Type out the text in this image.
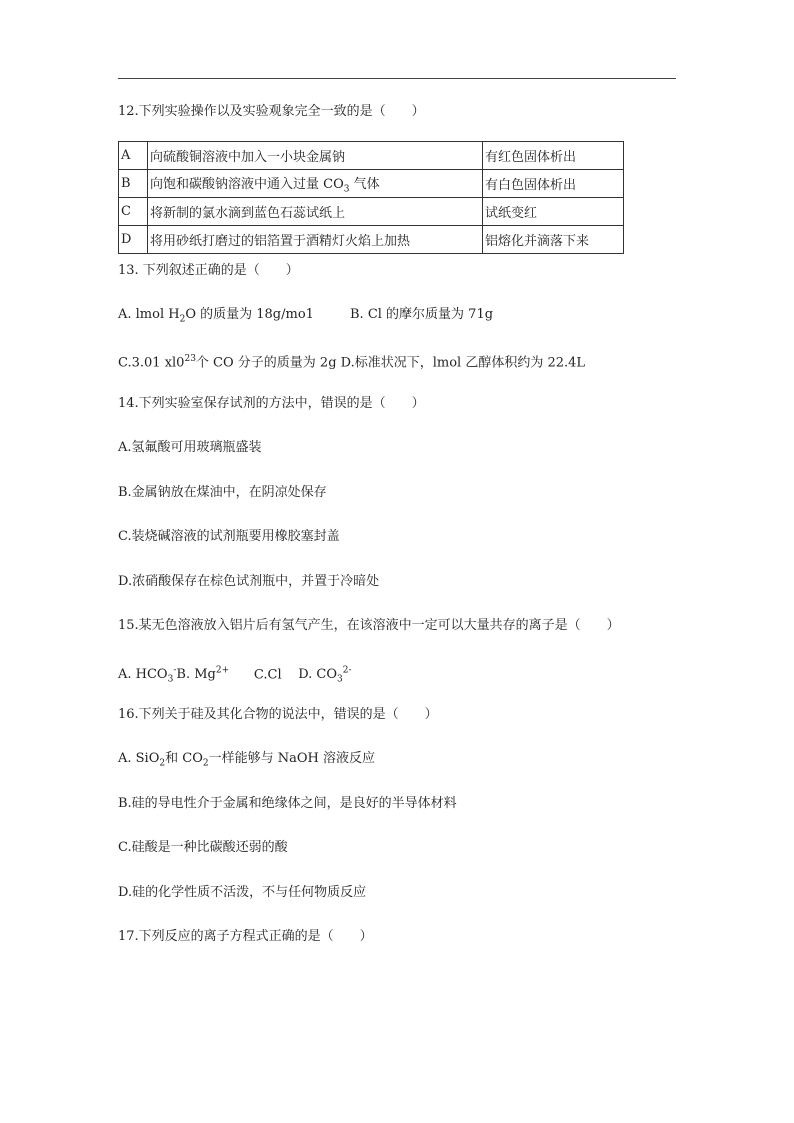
12.下列实验操作以及实验观象完全一致的是（　　）
A	向硫酸铜溶液中加入一小块金属钠	有红色固体析出
B	向饱和碳酸钠溶液中通入过量 $CO_3$ 气体	有白色固体析出
C	将新制的氯水滴到蓝色石蕊试纸上	试纸变红
D	将用砂纸打磨过的铝箔置于酒精灯火焰上加热	铝熔化并滴落下来
13. 下列叙述正确的是（　　）
A. lmol $H_2O$ 的质量为 18g/mo1	B. Cl 的摩尔质量为 71g
C.3.01 $xl0^{23}$个 CO 分子的质量为 2g D.标准状况下，lmol 乙醇体积约为 22.4L
14.下列实验室保存试剂的方法中，错误的是（　　）
A.氢氟酸可用玻璃瓶盛装
B.金属钠放在煤油中，在阴凉处保存
C.装烧碱溶液的试剂瓶要用橡胶塞封盖
D.浓硝酸保存在棕色试剂瓶中，并置于冷暗处
15.某无色溶液放入铝片后有氢气产生，在该溶液中一定可以大量共存的离子是（　　）
A. $HCO_3^-B$. $Mg^{2+}$ C.Cl D. $CO_3^{2-}$
16.下列关于硅及其化合物的说法中，错误的是（　　）
A. SiO$_2$和 $CO_2$一样能够与 NaOH 溶液反应
B.硅的导电性介于金属和绝缘体之间，是良好的半导体材料
C.硅酸是一种比碳酸还弱的酸
D.硅的化学性质不活泼，不与任何物质反应
17.下列反应的离子方程式正确的是（　　）
